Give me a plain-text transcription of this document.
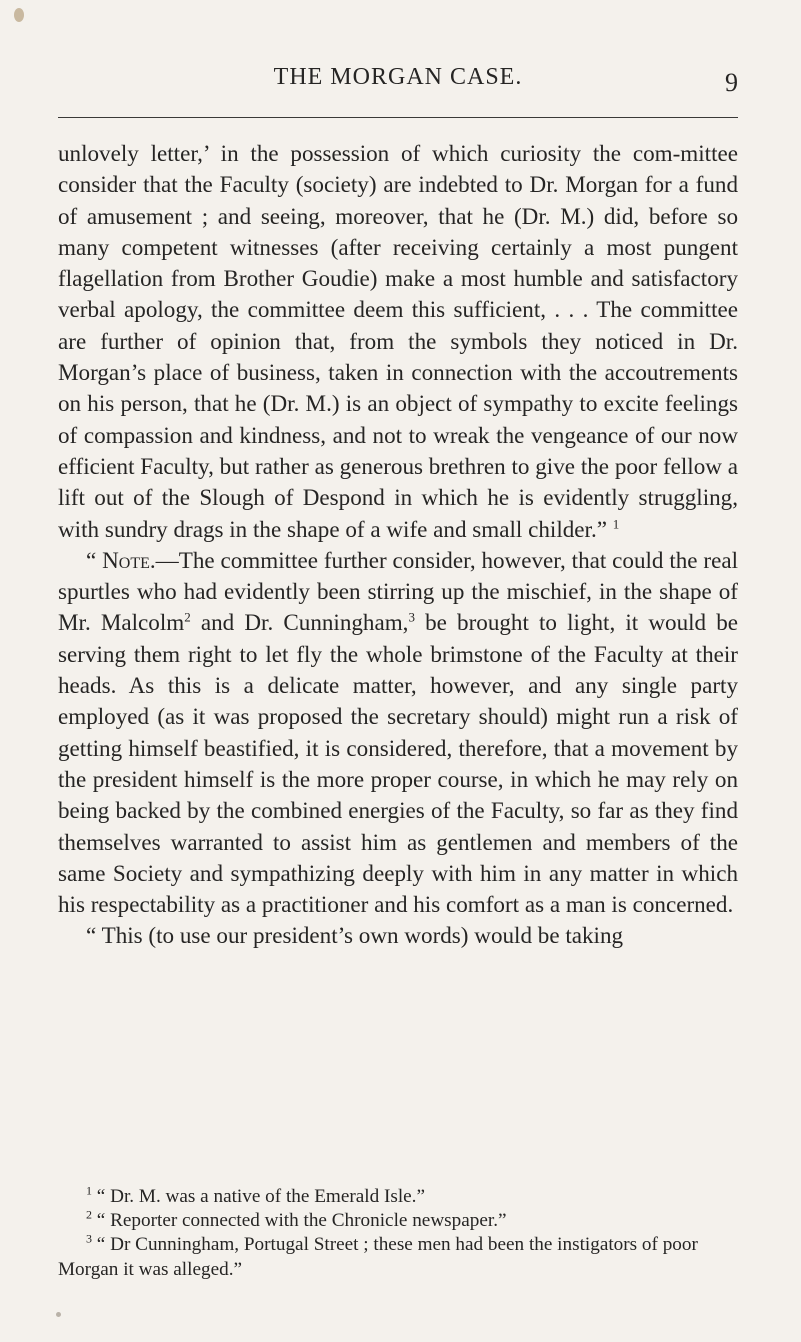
THE MORGAN CASE.	9

unlovely letter,’ in the possession of which curiosity the com-mittee consider that the Faculty (society) are indebted to Dr. Morgan for a fund of amusement ; and seeing, moreover, that he (Dr. M.) did, before so many competent witnesses (after receiving certainly a most pungent flagellation from Brother Goudie) make a most humble and satisfactory verbal apology, the committee deem this sufficient, . . . The committee are further of opinion that, from the symbols they noticed in Dr. Morgan’s place of business, taken in connection with the accoutrements on his person, that he (Dr. M.) is an object of sympathy to excite feelings of compassion and kindness, and not to wreak the vengeance of our now efficient Faculty, but rather as generous brethren to give the poor fellow a lift out of the Slough of Despond in which he is evidently struggling, with sundry drags in the shape of a wife and small childer.” $^1$

“ Note.—The committee further consider, however, that could the real spurtles who had evidently been stirring up the mischief, in the shape of Mr. Malcolm$^2$ and Dr. Cunningham,$^3$ be brought to light, it would be serving them right to let fly the whole brimstone of the Faculty at their heads. As this is a delicate matter, however, and any single party employed (as it was proposed the secretary should) might run a risk of getting himself beastified, it is considered, therefore, that a movement by the president himself is the more proper course, in which he may rely on being backed by the combined energies of the Faculty, so far as they find themselves warranted to assist him as gentlemen and members of the same Society and sympathizing deeply with him in any matter in which his respectability as a practitioner and his comfort as a man is concerned.

“ This (to use our president’s own words) would be taking

$^1$ “ Dr. M. was a native of the Emerald Isle.”

$^2$ “ Reporter connected with the Chronicle newspaper.”

$^3$ “ Dr Cunningham, Portugal Street ; these men had been the instigators of poor Morgan it was alleged.”
